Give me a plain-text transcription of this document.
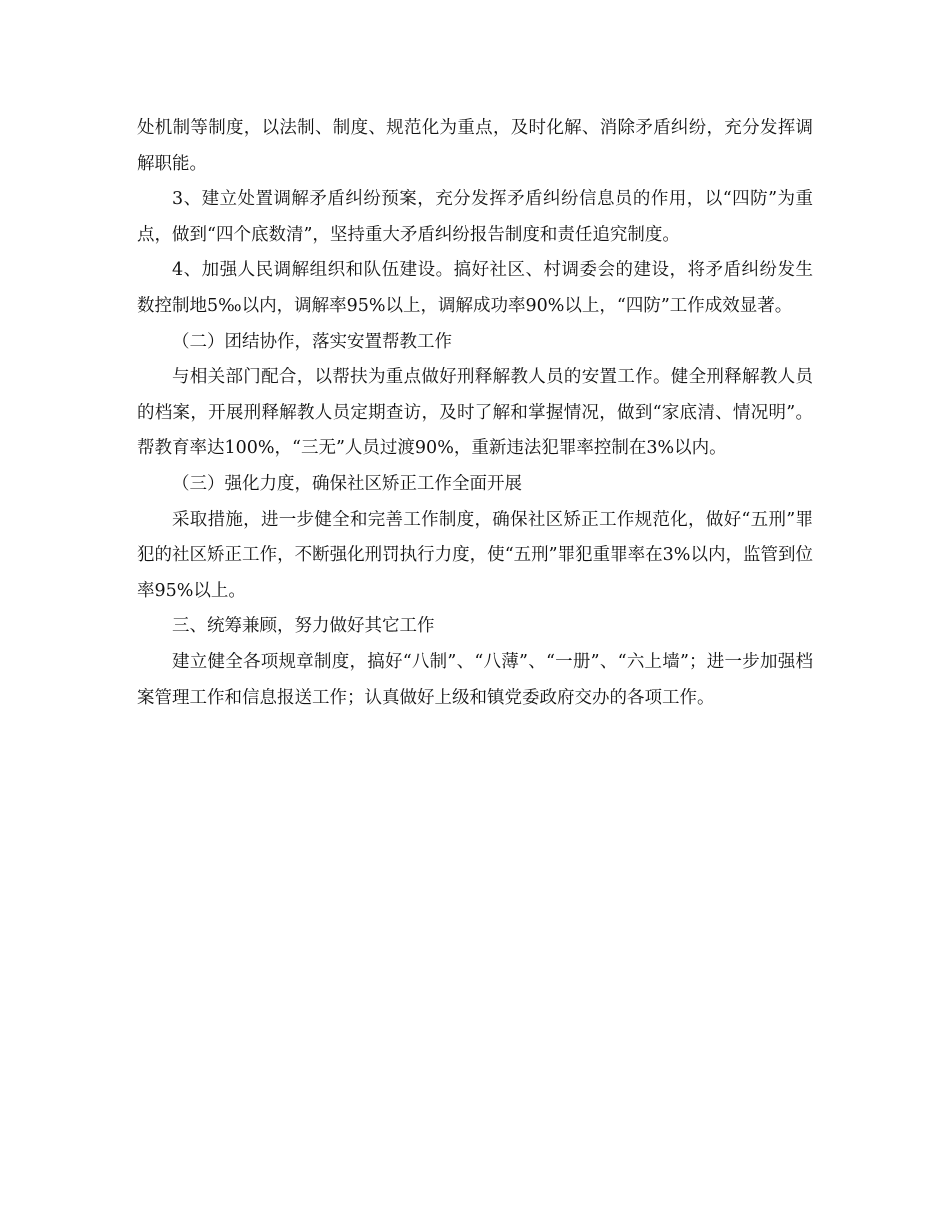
处机制等制度，以法制、制度、规范化为重点，及时化解、消除矛盾纠纷，充分发挥调解职能。

3、建立处置调解矛盾纠纷预案，充分发挥矛盾纠纷信息员的作用，以“四防”为重点，做到“四个底数清”，坚持重大矛盾纠纷报告制度和责任追究制度。

4、加强人民调解组织和队伍建设。搞好社区、村调委会的建设，将矛盾纠纷发生数控制地5‰以内，调解率95%以上，调解成功率90%以上，“四防”工作成效显著。

（二）团结协作，落实安置帮教工作

与相关部门配合，以帮扶为重点做好刑释解教人员的安置工作。健全刑释解教人员的档案，开展刑释解教人员定期查访，及时了解和掌握情况，做到“家底清、情况明”。帮教育率达100%，“三无”人员过渡90%，重新违法犯罪率控制在3%以内。

（三）强化力度，确保社区矫正工作全面开展

采取措施，进一步健全和完善工作制度，确保社区矫正工作规范化，做好“五刑”罪犯的社区矫正工作，不断强化刑罚执行力度，使“五刑”罪犯重罪率在3%以内，监管到位率95%以上。

三、统筹兼顾，努力做好其它工作

建立健全各项规章制度，搞好“八制”、“八薄”、“一册”、“六上墙”；进一步加强档案管理工作和信息报送工作；认真做好上级和镇党委政府交办的各项工作。
